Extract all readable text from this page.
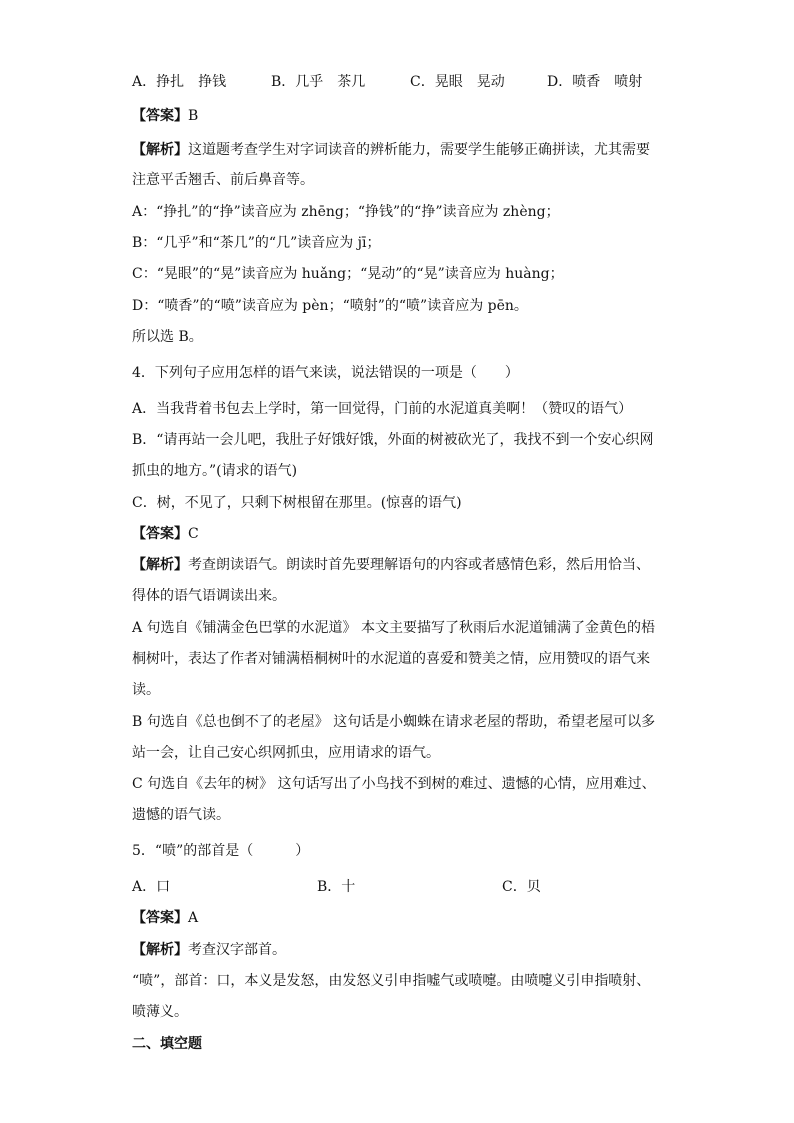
A．挣扎　挣钱	B．几乎　茶几	C．晃眼　晃动	D．喷香　喷射
【答案】B
【解析】这道题考查学生对字词读音的辨析能力，需要学生能够正确拼读，尤其需要
注意平舌翘舌、前后鼻音等。
A：“挣扎”的“挣”读音应为 zhēng；“挣钱”的“挣”读音应为 zhèng；
B：“几乎”和“茶几”的“几”读音应为 jī；
C：“晃眼”的“晃”读音应为 huǎng；“晃动”的“晃”读音应为 huàng；
D：“喷香”的“喷”读音应为 pèn；“喷射”的“喷”读音应为 pēn。
所以选 B。
4．下列句子应用怎样的语气来读，说法错误的一项是（　　）
A．当我背着书包去上学时，第一回觉得，门前的水泥道真美啊！（赞叹的语气）
B．“请再站一会儿吧，我肚子好饿好饿，外面的树被砍光了，我找不到一个安心织网
抓虫的地方。”(请求的语气)
C．树，不见了，只剩下树根留在那里。(惊喜的语气)
【答案】C
【解析】考查朗读语气。朗读时首先要理解语句的内容或者感情色彩，然后用恰当、
得体的语气语调读出来。
A 句选自《铺满金色巴掌的水泥道》 本文主要描写了秋雨后水泥道铺满了金黄色的梧
桐树叶，表达了作者对铺满梧桐树叶的水泥道的喜爱和赞美之情，应用赞叹的语气来
读。
B 句选自《总也倒不了的老屋》 这句话是小蜘蛛在请求老屋的帮助，希望老屋可以多
站一会，让自己安心织网抓虫，应用请求的语气。
C 句选自《去年的树》 这句话写出了小鸟找不到树的难过、遗憾的心情，应用难过、
遗憾的语气读。
5．“喷”的部首是（　　　）
A．口	B．十	C．贝
【答案】A
【解析】考查汉字部首。
“喷”，部首：口，本义是发怒，由发怒义引申指嘘气或喷嚏。由喷嚏义引申指喷射、
喷薄义。
二、填空题
